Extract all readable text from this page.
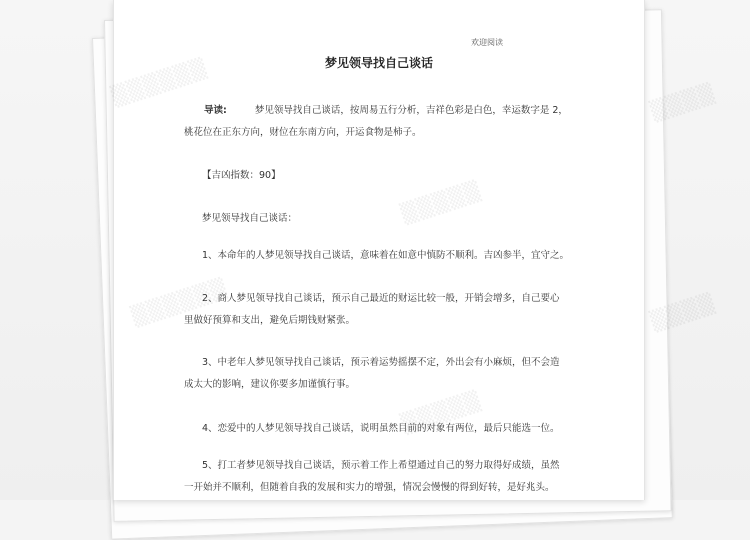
欢迎阅读
梦见领导找自己谈话
导读:	梦见领导找自己谈话，按周易五行分析，吉祥色彩是白色，幸运数字是 2，
桃花位在正东方向，财位在东南方向，开运食物是柿子。
【吉凶指数：90】
梦见领导找自己谈话：
1、本命年的人梦见领导找自己谈话，意味着在如意中慎防不顺利。吉凶参半，宜守之。
2、商人梦见领导找自己谈话，预示自己最近的财运比较一般，开销会增多，自己要心
里做好预算和支出，避免后期钱财紧张。
3、中老年人梦见领导找自己谈话，预示着运势摇摆不定，外出会有小麻烦，但不会造
成太大的影响，建议你要多加谨慎行事。
4、恋爱中的人梦见领导找自己谈话，说明虽然目前的对象有两位，最后只能选一位。
5、打工者梦见领导找自己谈话，预示着工作上希望通过自己的努力取得好成绩，虽然
一开始并不顺利，但随着自我的发展和实力的增强，情况会慢慢的得到好转，是好兆头。
▒▒▒▒
▒▒▒▒
